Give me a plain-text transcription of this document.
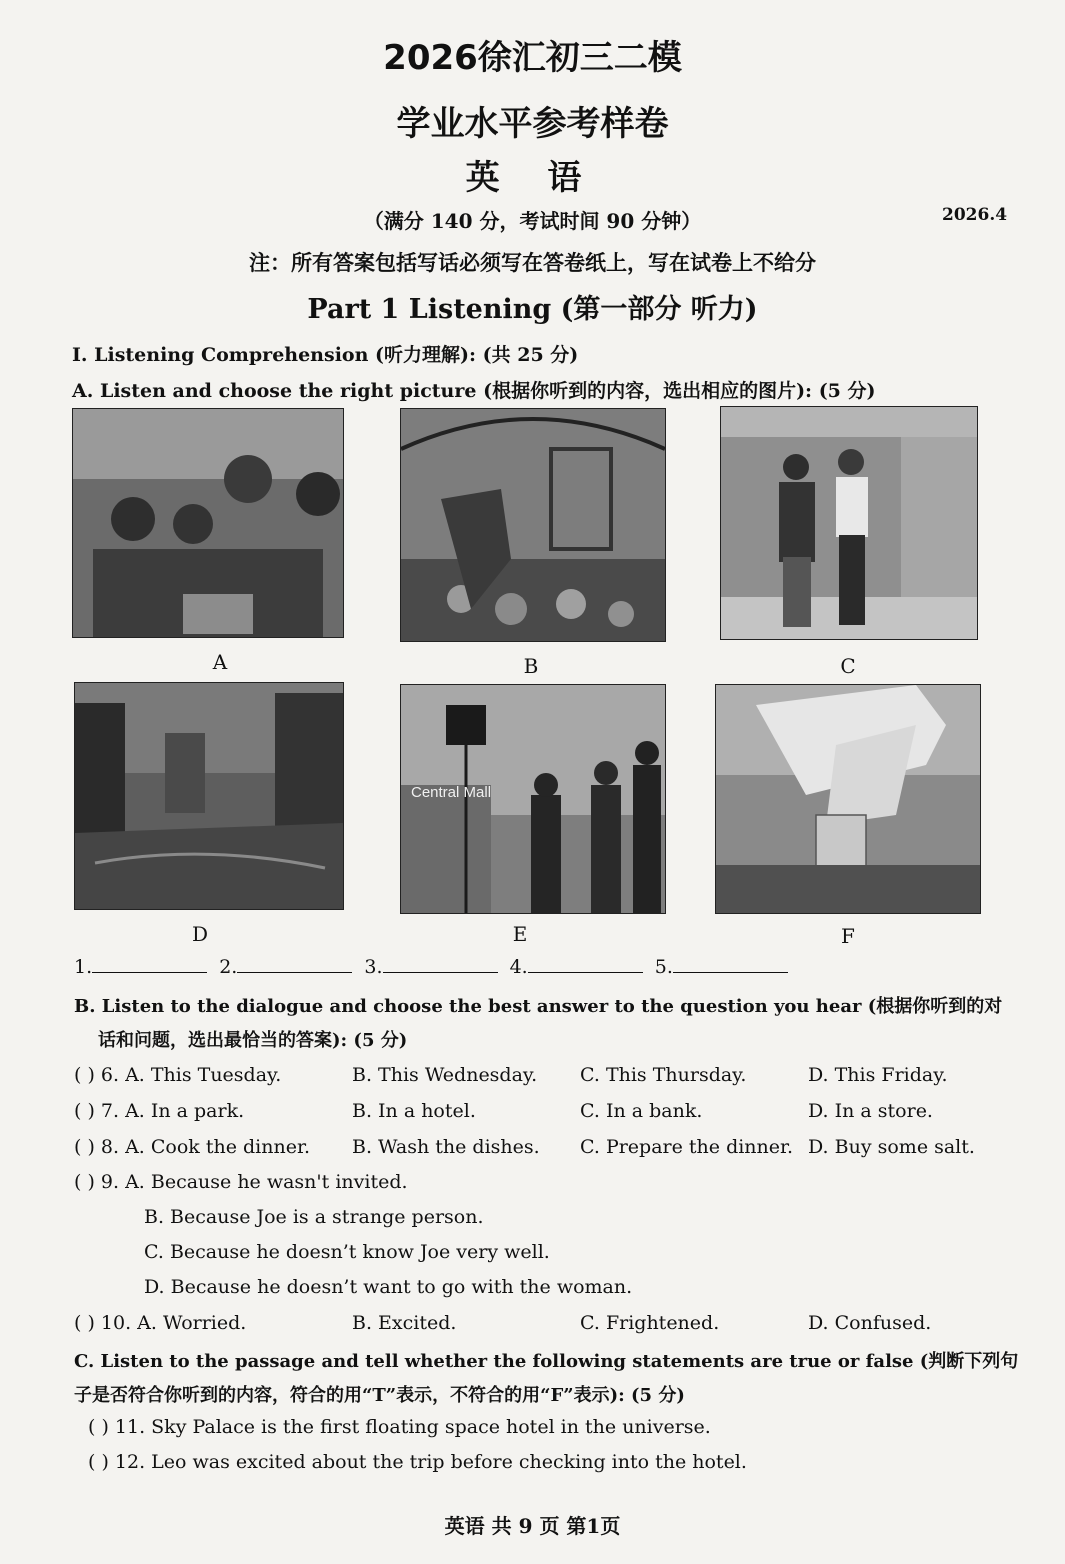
2026徐汇初三二模
学业水平参考样卷
英 语
（满分 140 分，考试时间 90 分钟）	2026.4
注：所有答案包括写话必须写在答卷纸上，写在试卷上不给分
Part 1 Listening (第一部分 听力)
I. Listening Comprehension (听力理解): (共 25 分)
A. Listen and choose the right picture (根据你听到的内容，选出相应的图片): (5 分)
A	B	C
D
Central Mall
E	F
1.	2.	3.	4.	5.
B. Listen to the dialogue and choose the best answer to the question you hear (根据你听到的对
话和问题，选出最恰当的答案): (5 分)
( ) 6. A. This Tuesday.	B. This Wednesday. C. This Thursday.	D. This Friday.
( ) 7. A. In a park.	B. In a hotel.	C. In a bank.	D. In a store.
( ) 8. A. Cook the dinner. B. Wash the dishes. C. Prepare the dinner. D. Buy some salt.
( ) 9. A. Because he wasn't invited.
B. Because Joe is a strange person.
C. Because he doesn’t know Joe very well.
D. Because he doesn’t want to go with the woman.
( ) 10. A. Worried.	B. Excited.	C. Frightened.	D. Confused.
C. Listen to the passage and tell whether the following statements are true or false (判断下列句
子是否符合你听到的内容，符合的用“T”表示，不符合的用“F”表示): (5 分)
( ) 11. Sky Palace is the first floating space hotel in the universe.
( ) 12. Leo was excited about the trip before checking into the hotel.
英语 共 9 页 第1页
